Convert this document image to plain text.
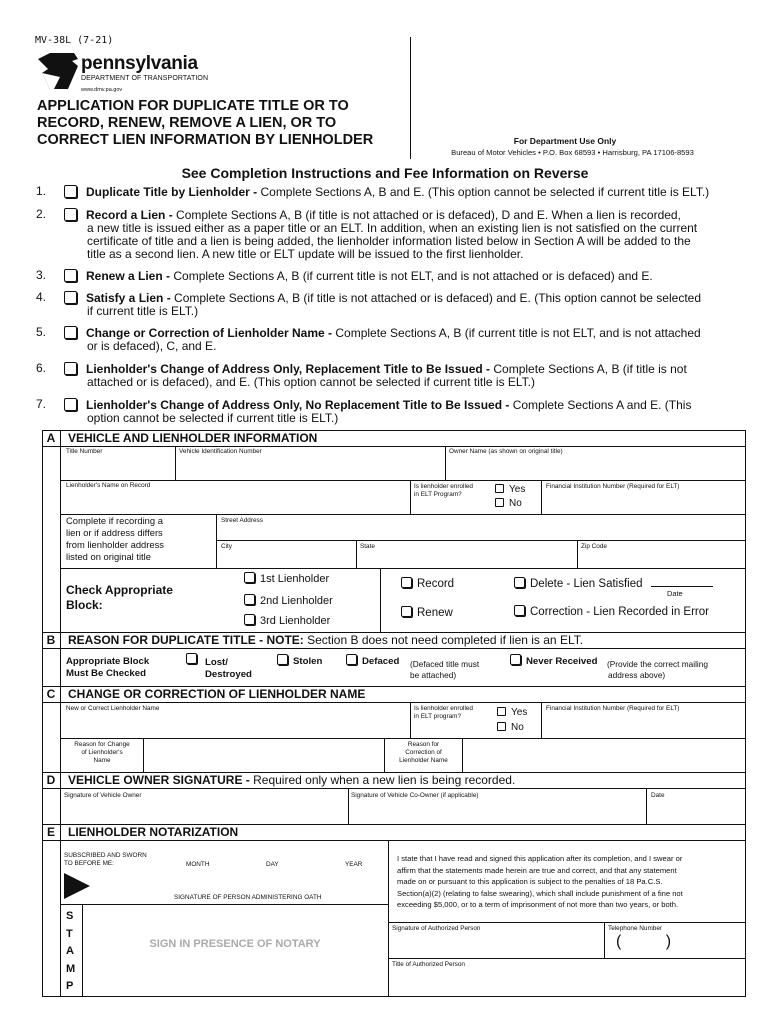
MV-38L (7-21)
pennsylvania
DEPARTMENT OF TRANSPORTATION
www.dmv.pa.gov
APPLICATION FOR DUPLICATE TITLE OR TO
RECORD, RENEW, REMOVE A LIEN, OR TO
CORRECT LIEN INFORMATION BY LIENHOLDER	For Department Use Only
Bureau of Motor Vehicles • P.O. Box 68593 • Harrisburg, PA 17106-8593
See Completion Instructions and Fee Information on Reverse
1.	Duplicate Title by Lienholder - Complete Sections A, B and E. (This option cannot be selected if current title is ELT.)
2.	Record a Lien - Complete Sections A, B (if title is not attached or is defaced), D and E. When a lien is recorded,
a new title is issued either as a paper title or an ELT. In addition, when an existing lien is not satisfied on the current
certificate of title and a lien is being added, the lienholder information listed below in Section A will be added to the
title as a second lien. A new title or ELT update will be issued to the first lienholder.
3.	Renew a Lien - Complete Sections A, B (if current title is not ELT, and is not attached or is defaced) and E.
4.	Satisfy a Lien - Complete Sections A, B (if title is not attached or is defaced) and E. (This option cannot be selected
if current title is ELT.)
5.	Change or Correction of Lienholder Name - Complete Sections A, B (if current title is not ELT, and is not attached
or is defaced), C, and E.
6.	Lienholder's Change of Address Only, Replacement Title to Be Issued - Complete Sections A, B (if title is not
attached or is defaced), and E. (This option cannot be selected if current title is ELT.)
7.	Lienholder's Change of Address Only, No Replacement Title to Be Issued - Complete Sections A and E. (This
option cannot be selected if current title is ELT.)
A	VEHICLE AND LIENHOLDER INFORMATION
Title Number	Vehicle Identification Number	Owner Name (as shown on original title)
Lienholder's Name on Record	Is lienholder enrolled
in ELT Program?	Yes
No
Financial Institution Number (Required for ELT)
Complete if recording a
lien or if address differs
from lienholder address
listed on original title
Street Address
City	State	Zip Code
Check Appropriate
Block:
1st Lienholder
2nd Lienholder
3rd Lienholder
Record
Renew
Delete - Lien Satisfied
Date
Correction - Lien Recorded in Error
B	REASON FOR DUPLICATE TITLE - NOTE: Section B does not need completed if lien is an ELT.
Appropriate Block
Must Be Checked
Lost/
Destroyed
Stolen	Defaced (Defaced title must
be attached)
Never Received (Provide the correct mailing
address above)
C	CHANGE OR CORRECTION OF LIENHOLDER NAME
New or Correct Lienholder Name	Is lienholder enrolled
in ELT program?	Yes
No
Financial Institution Number (Required for ELT)
Reason for Change
of Lienholder's
Name
Reason for
Correction of
Lienholder Name
D	VEHICLE OWNER SIGNATURE - Required only when a new lien is being recorded.
Signature of Vehicle Owner	Signature of Vehicle Co-Owner (if applicable)	Date
E	LIENHOLDER NOTARIZATION
SUBSCRIBED AND SWORN
TO BEFORE ME:	MONTH	DAY	YEAR
SIGNATURE OF PERSON ADMINISTERING OATH
S
T
A
M
P
SIGN IN PRESENCE OF NOTARY
I state that I have read and signed this application after its completion, and I swear or
affirm that the statements made herein are true and correct, and that any statement
made on or pursuant to this application is subject to the penalties of 18 Pa.C.S.
Section(a)(2) (relating to false swearing), which shall include punishment of a fine not
exceeding $5,000, or to a term of imprisonment of not more than two years, or both.
Signature of Authorized Person	Telephone Number
(          )
Title of Authorized Person
